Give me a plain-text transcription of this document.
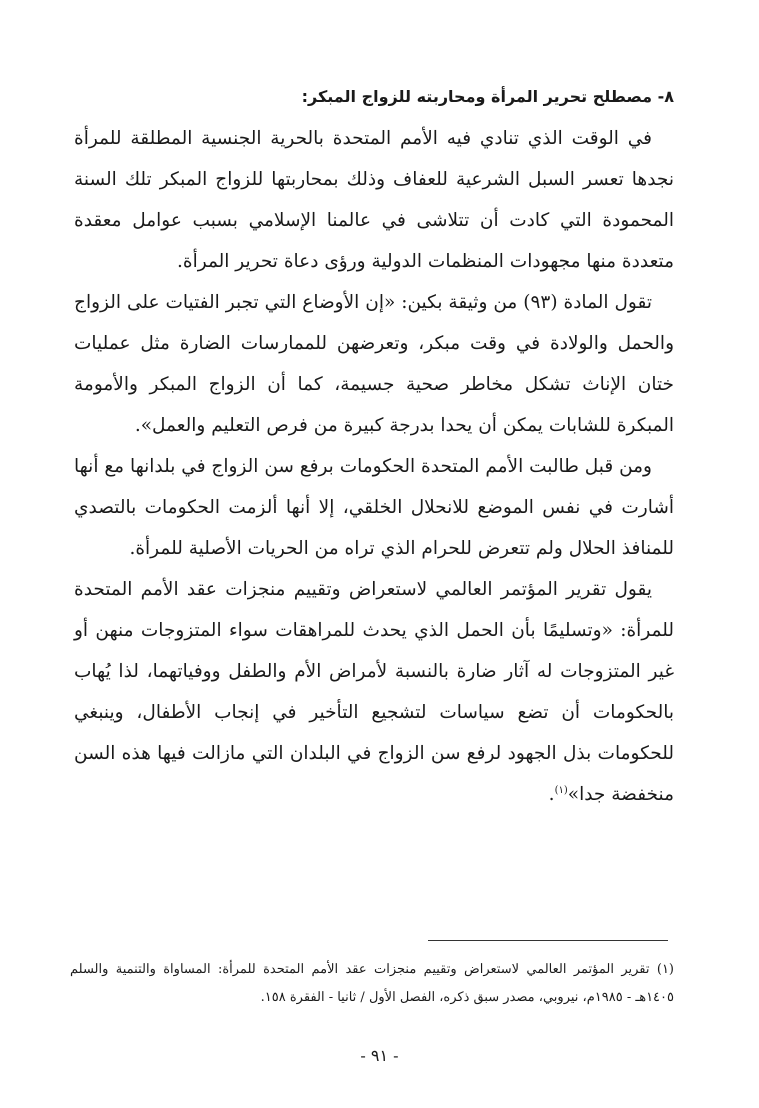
٨- مصطلح تحرير المرأة ومحاربته للزواج المبكر:

في الوقت الذي تنادي فيه الأمم المتحدة بالحرية الجنسية المطلقة للمرأة نجدها تعسر السبل الشرعية للعفاف وذلك بمحاربتها للزواج المبكر تلك السنة المحمودة التي كادت أن تتلاشى في عالمنا الإسلامي بسبب عوامل معقدة متعددة منها مجهودات المنظمات الدولية ورؤى دعاة تحرير المرأة.

تقول المادة (٩٣) من وثيقة بكين: «إن الأوضاع التي تجبر الفتيات على الزواج والحمل والولادة في وقت مبكر، وتعرضهن للممارسات الضارة مثل عمليات ختان الإناث تشكل مخاطر صحية جسيمة، كما أن الزواج المبكر والأمومة المبكرة للشابات يمكن أن يحدا بدرجة كبيرة من فرص التعليم والعمل».

ومن قبل طالبت الأمم المتحدة الحكومات برفع سن الزواج في بلدانها مع أنها أشارت في نفس الموضع للانحلال الخلقي، إلا أنها ألزمت الحكومات بالتصدي للمنافذ الحلال ولم تتعرض للحرام الذي تراه من الحريات الأصلية للمرأة.

يقول تقرير المؤتمر العالمي لاستعراض وتقييم منجزات عقد الأمم المتحدة للمرأة: «وتسليمًا بأن الحمل الذي يحدث للمراهقات سواء المتزوجات منهن أو غير المتزوجات له آثار ضارة بالنسبة لأمراض الأم والطفل ووفياتهما، لذا يُهاب بالحكومات أن تضع سياسات لتشجيع التأخير في إنجاب الأطفال، وينبغي للحكومات بذل الجهود لرفع سن الزواج في البلدان التي مازالت فيها هذه السن منخفضة جدا»$^{(١)}$.

(١) تقرير المؤتمر العالمي لاستعراض وتقييم منجزات عقد الأمم المتحدة للمرأة: المساواة والتنمية والسلم ١٤٠٥هـ - ١٩٨٥م، نيروبي، مصدر سبق ذكره، الفصل الأول / ثانيا - الفقرة ١٥٨.
- ٩١ -
